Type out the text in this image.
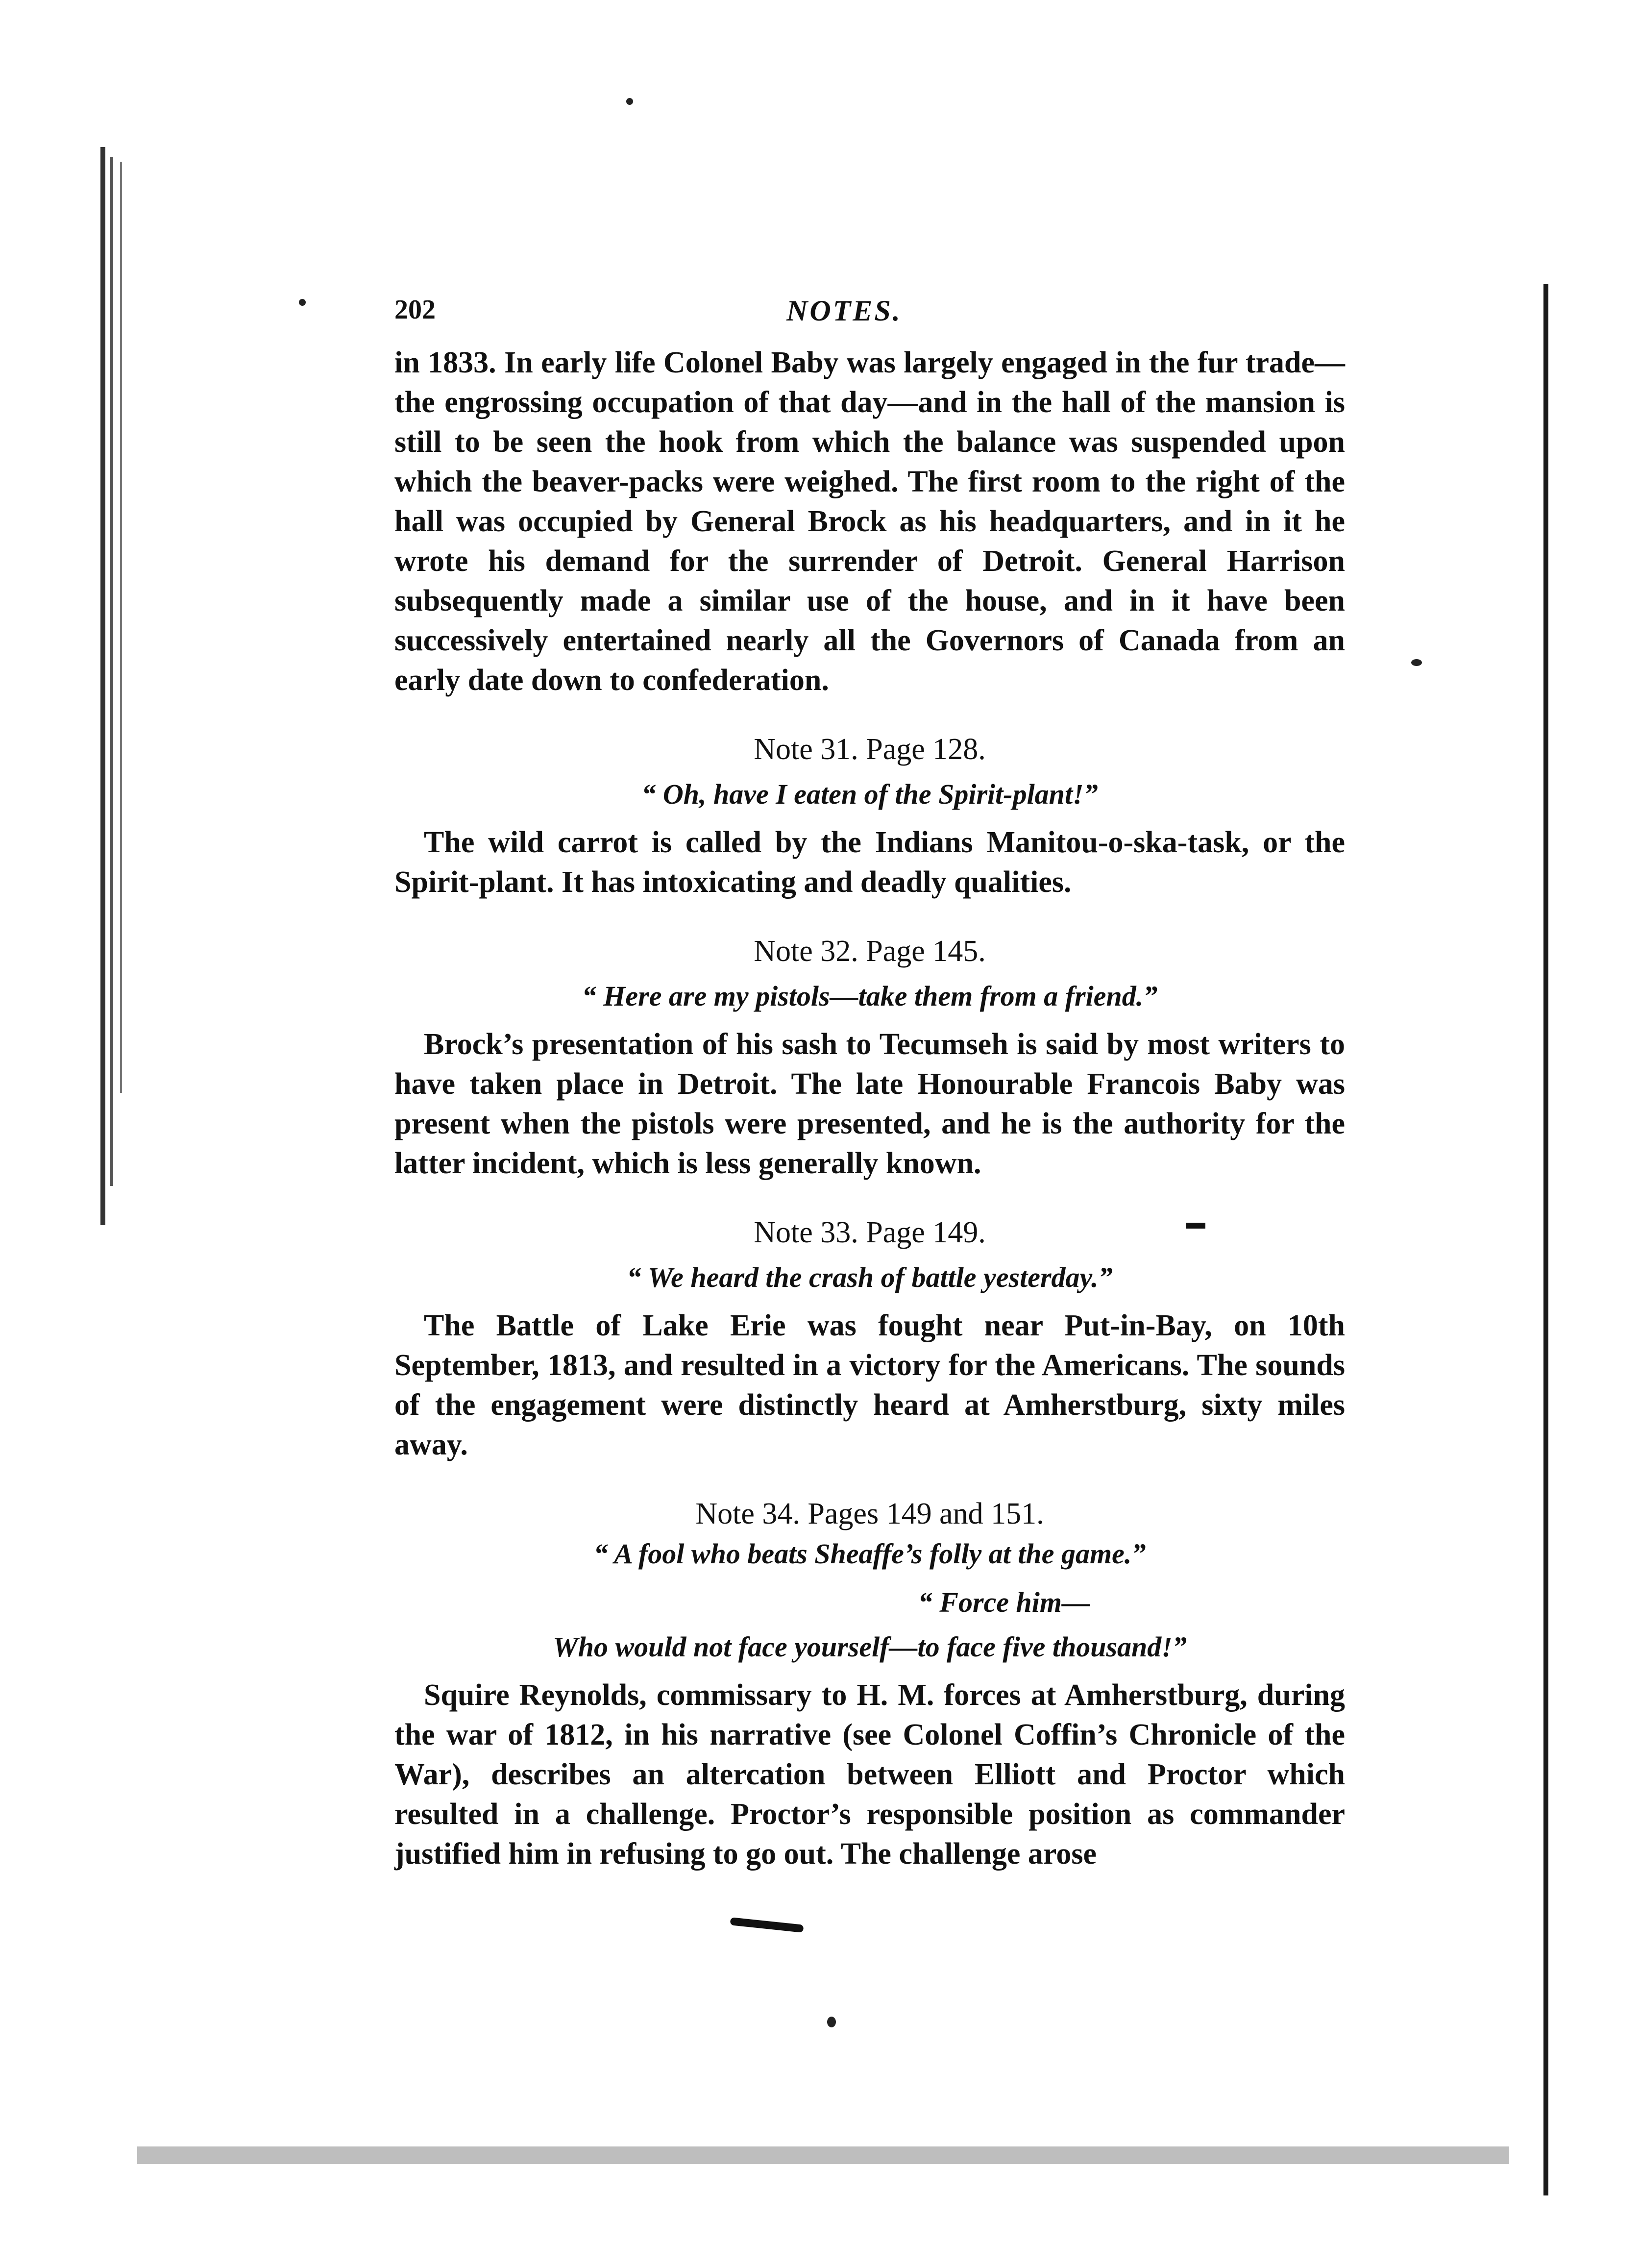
202	NOTES.

in 1833. In early life Colonel Baby was largely engaged in the fur trade—the engrossing occupation of that day—and in the hall of the mansion is still to be seen the hook from which the balance was suspended upon which the beaver-packs were weighed. The first room to the right of the hall was occupied by General Brock as his headquarters, and in it he wrote his demand for the surrender of Detroit. General Harrison subsequently made a similar use of the house, and in it have been successively entertained nearly all the Governors of Canada from an early date down to confederation.

Note 31. Page 128.
“ Oh, have I eaten of the Spirit-plant!”

The wild carrot is called by the Indians Manitou-o-ska-task, or the Spirit-plant. It has intoxicating and deadly qualities.

Note 32. Page 145.
“ Here are my pistols—take them from a friend.”

Brock’s presentation of his sash to Tecumseh is said by most writers to have taken place in Detroit. The late Honourable Francois Baby was present when the pistols were presented, and he is the authority for the latter incident, which is less generally known.

Note 33. Page 149.
“ We heard the crash of battle yesterday.”

The Battle of Lake Erie was fought near Put-in-Bay, on 10th September, 1813, and resulted in a victory for the Americans. The sounds of the engagement were distinctly heard at Amherstburg, sixty miles away.

Note 34. Pages 149 and 151.
“ A fool who beats Sheaffe’s folly at the game.”
“ Force him—
Who would not face yourself—to face five thousand!”

Squire Reynolds, commissary to H. M. forces at Amherstburg, during the war of 1812, in his narrative (see Colonel Coffin’s Chronicle of the War), describes an altercation between Elliott and Proctor which resulted in a challenge. Proctor’s responsible position as commander justified him in refusing to go out. The challenge arose
